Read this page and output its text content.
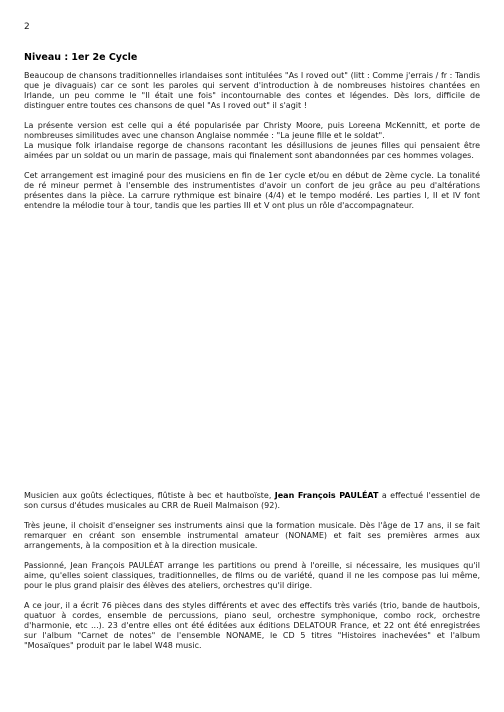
2
Niveau : 1er 2e Cycle

Beaucoup de chansons traditionnelles irlandaises sont intitulées "As I roved out" (litt : Comme j'errais / fr : Tandis que je divaguais) car ce sont les paroles qui servent d'introduction à de nombreuses histoires chantées en Irlande, un peu comme le "Il était une fois" incontournable des contes et légendes. Dès lors, difficile de distinguer entre toutes ces chansons de quel "As I roved out" il s'agit !

La présente version est celle qui a été popularisée par Christy Moore, puis Loreena McKennitt, et porte de nombreuses similitudes avec une chanson Anglaise nommée : "La jeune fille et le soldat".

La musique folk irlandaise regorge de chansons racontant les désillusions de jeunes filles qui pensaient être aimées par un soldat ou un marin de passage, mais qui finalement sont abandonnées par ces hommes volages.

Cet arrangement est imaginé pour des musiciens en fin de 1er cycle et/ou en début de 2ème cycle. La tonalité de ré mineur permet à l'ensemble des instrumentistes d'avoir un confort de jeu grâce au peu d'altérations présentes dans la pièce. La carrure rythmique est binaire (4/4) et le tempo modéré. Les parties I, II et IV font entendre la mélodie tour à tour, tandis que les parties III et V ont plus un rôle d'accompagnateur.

Musicien aux goûts éclectiques, flûtiste à bec et hautboïste, Jean François PAULÉAT a effectué l'essentiel de son cursus d'études musicales au CRR de Rueil Malmaison (92).

Très jeune, il choisit d'enseigner ses instruments ainsi que la formation musicale. Dès l'âge de 17 ans, il se fait remarquer en créant son ensemble instrumental amateur (NONAME) et fait ses premières armes aux arrangements, à la composition et à la direction musicale.

Passionné, Jean François PAULÉAT arrange les partitions ou prend à l'oreille, si nécessaire, les musiques qu'il aime, qu'elles soient classiques, traditionnelles, de films ou de variété, quand il ne les compose pas lui même, pour le plus grand plaisir des élèves des ateliers, orchestres qu'il dirige.

A ce jour, il a écrit 76 pièces dans des styles différents et avec des effectifs très variés (trio, bande de hautbois, quatuor à cordes, ensemble de percussions, piano seul, orchestre symphonique, combo rock, orchestre d'harmonie, etc ...). 23 d'entre elles ont été éditées aux éditions DELATOUR France, et 22 ont été enregistrées sur l'album "Carnet de notes" de l'ensemble NONAME, le CD 5 titres "Histoires inachevées" et l'album "Mosaïques" produit par le label W48 music.
